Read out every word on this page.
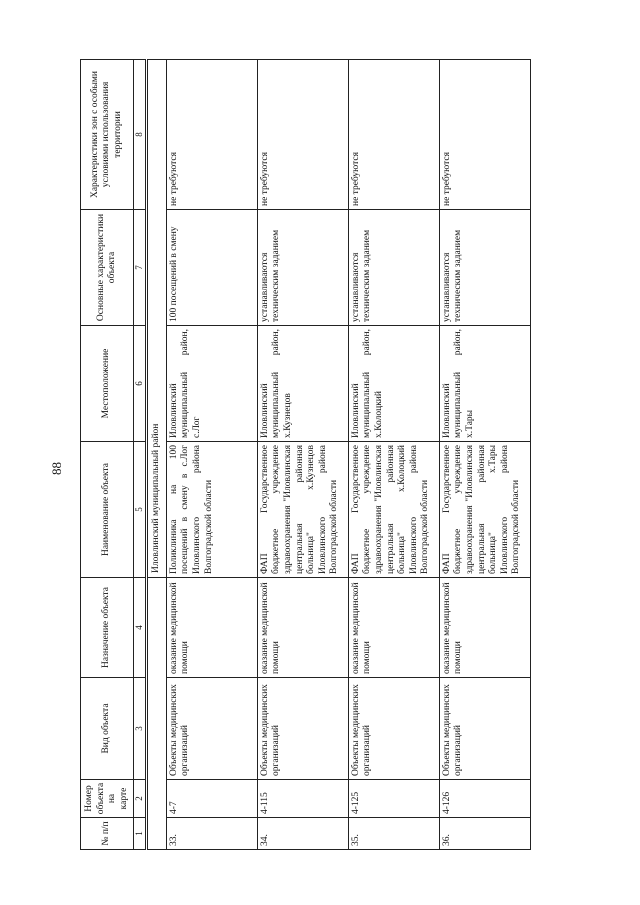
88
№ п/п	Номер объекта на карте	Вид объекта	Назначение объекта	Наименование объекта	Местоположение	Основные характеристики объекта	Характеристики зон с особыми условиями использования территории
1	2	3	4	5	6	7	8
				Иловлинский муниципальный район			
33.	4-7	Объекты медицинских организаций	оказание медицинской помощи	Поликлиника на 100 посещений в смену в с.Лог Иловлинского района Волгоградской области	Иловлинский муниципальный район, с.Лог	100 посещений в смену	не требуются
34.	4-115	Объекты медицинских организаций	оказание медицинской помощи	ФАП Государственное бюджетное учреждение здравоохранения "Иловлинская центральная районная больница" х.Кузнецов Иловлинского района Волгоградской области	Иловлинский муниципальный район, х.Кузнецов	устанавливаются техническим заданием	не требуются
35.	4-125	Объекты медицинских организаций	оказание медицинской помощи	ФАП Государственное бюджетное учреждение здравоохранения "Иловлинская центральная районная больница" х.Колоцкий Иловлинского района Волгоградской области	Иловлинский муниципальный район, х.Колоцкий	устанавливаются техническим заданием	не требуются
36.	4-126	Объекты медицинских организаций	оказание медицинской помощи	ФАП Государственное бюджетное учреждение здравоохранения "Иловлинская центральная районная больница" х.Тары Иловлинского района Волгоградской области	Иловлинский муниципальный район, х.Тары	устанавливаются техническим заданием	не требуются
